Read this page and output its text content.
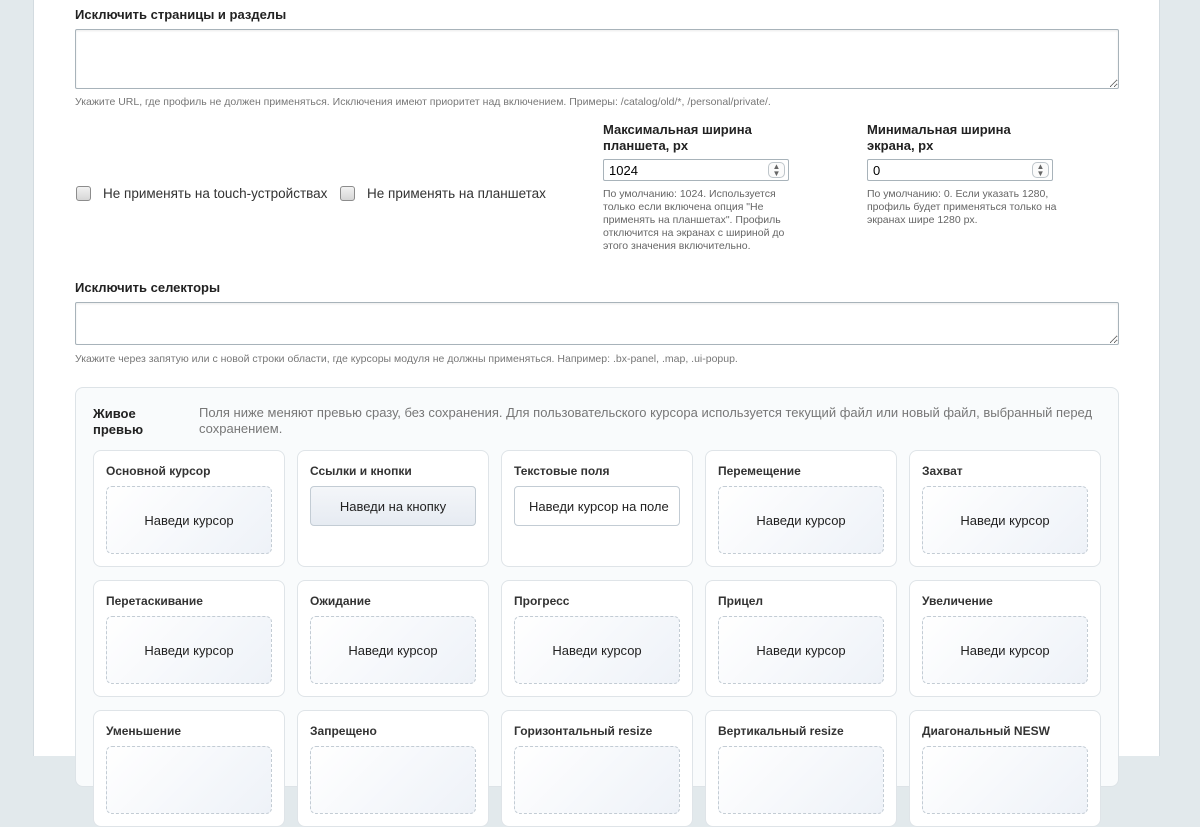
Исключить страницы и разделы
Укажите URL, где профиль не должен применяться. Исключения имеют приоритет над включением. Примеры: /catalog/old/*, /personal/private/.
Не применять на touch-устройствах	Не применять на планшетах
Максимальная ширина планшета, px
1024	▲
▼
По умолчанию: 1024. Используется только если включена опция "Не применять на планшетах". Профиль отключится на экранах с шириной до этого значения включительно.
Минимальная ширина экрана, px
0	▲
▼
По умолчанию: 0. Если указать 1280, профиль будет применяться только на экранах шире 1280 px.
Исключить селекторы
Укажите через запятую или с новой строки области, где курсоры модуля не должны применяться. Например: .bx-panel, .map, .ui-popup.
Живое превью
Поля ниже меняют превью сразу, без сохранения. Для пользовательского курсора используется текущий файл или новый файл, выбранный перед сохранением.
Основной курсор
Наведи курсор
Ссылки и кнопки
Наведи на кнопку
Текстовые поля
Наведи курсор на поле
Перемещение
Наведи курсор
Захват
Наведи курсор
Перетаскивание
Наведи курсор
Ожидание
Наведи курсор
Прогресс
Наведи курсор
Прицел
Наведи курсор
Увеличение
Наведи курсор
Уменьшение	Запрещено	Горизонтальный resize	Вертикальный resize	Диагональный NESW
